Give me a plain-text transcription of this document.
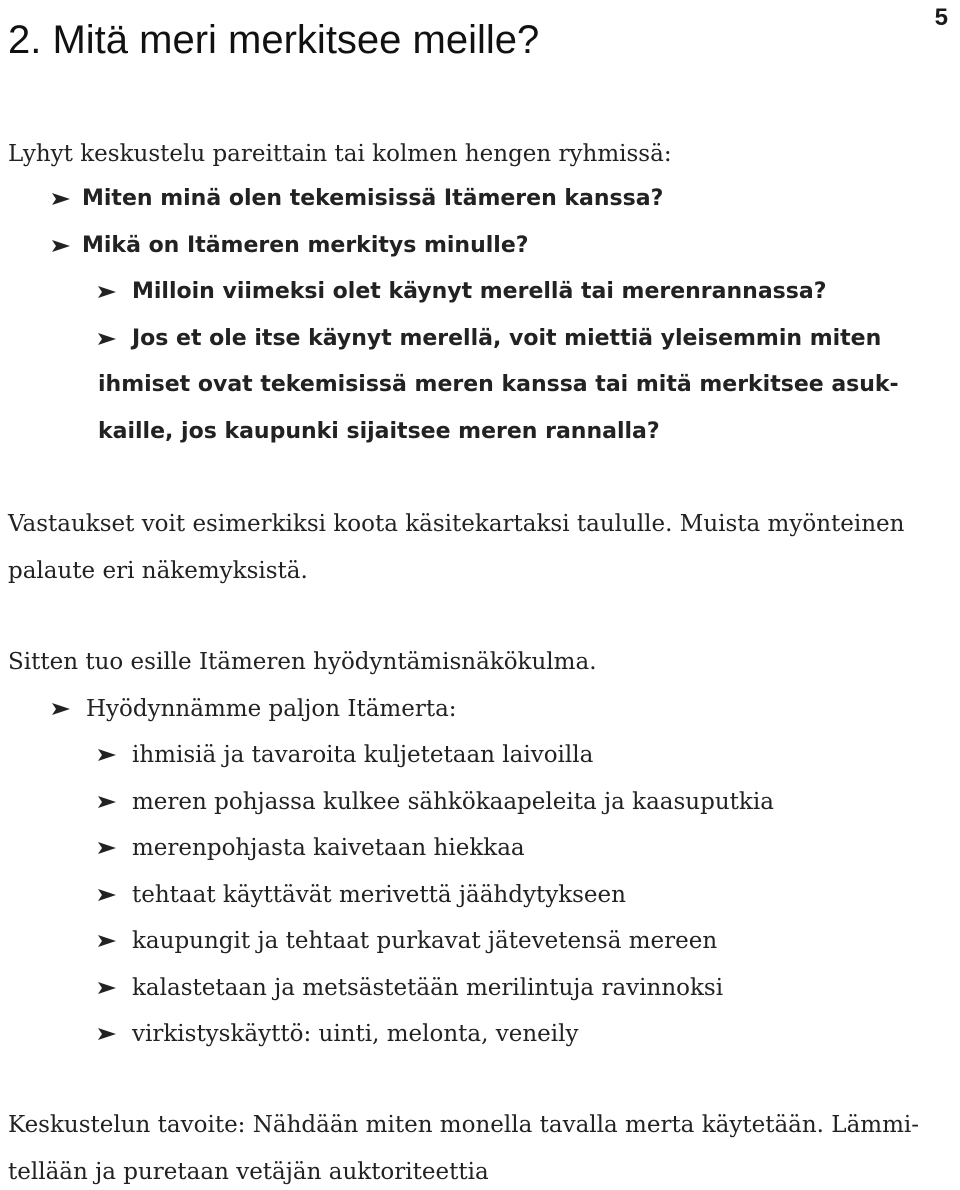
2. Mitä meri merkitsee meille?
5
Lyhyt keskustelu pareittain tai kolmen hengen ryhmissä:
Miten minä olen tekemisissä Itämeren kanssa?
Mikä on Itämeren merkitys minulle?
Milloin viimeksi olet käynyt merellä tai merenrannassa?
Jos et ole itse käynyt merellä, voit miettiä yleisemmin miten
ihmiset ovat tekemisissä meren kanssa tai mitä merkitsee asuk-
kaille, jos kaupunki sijaitsee meren rannalla?
Vastaukset voit esimerkiksi koota käsitekartaksi taululle. Muista myönteinen
palaute eri näkemyksistä.
Sitten tuo esille Itämeren hyödyntämisnäkökulma.
Hyödynnämme paljon Itämerta:
ihmisiä ja tavaroita kuljetetaan laivoilla
meren pohjassa kulkee sähkökaapeleita ja kaasuputkia
merenpohjasta kaivetaan hiekkaa
tehtaat käyttävät merivettä jäähdytykseen
kaupungit ja tehtaat purkavat jätevetensä mereen
kalastetaan ja metsästetään merilintuja ravinnoksi
virkistyskäyttö: uinti, melonta, veneily
Keskustelun tavoite: Nähdään miten monella tavalla merta käytetään. Lämmi-
tellään ja puretaan vetäjän auktoriteettia
